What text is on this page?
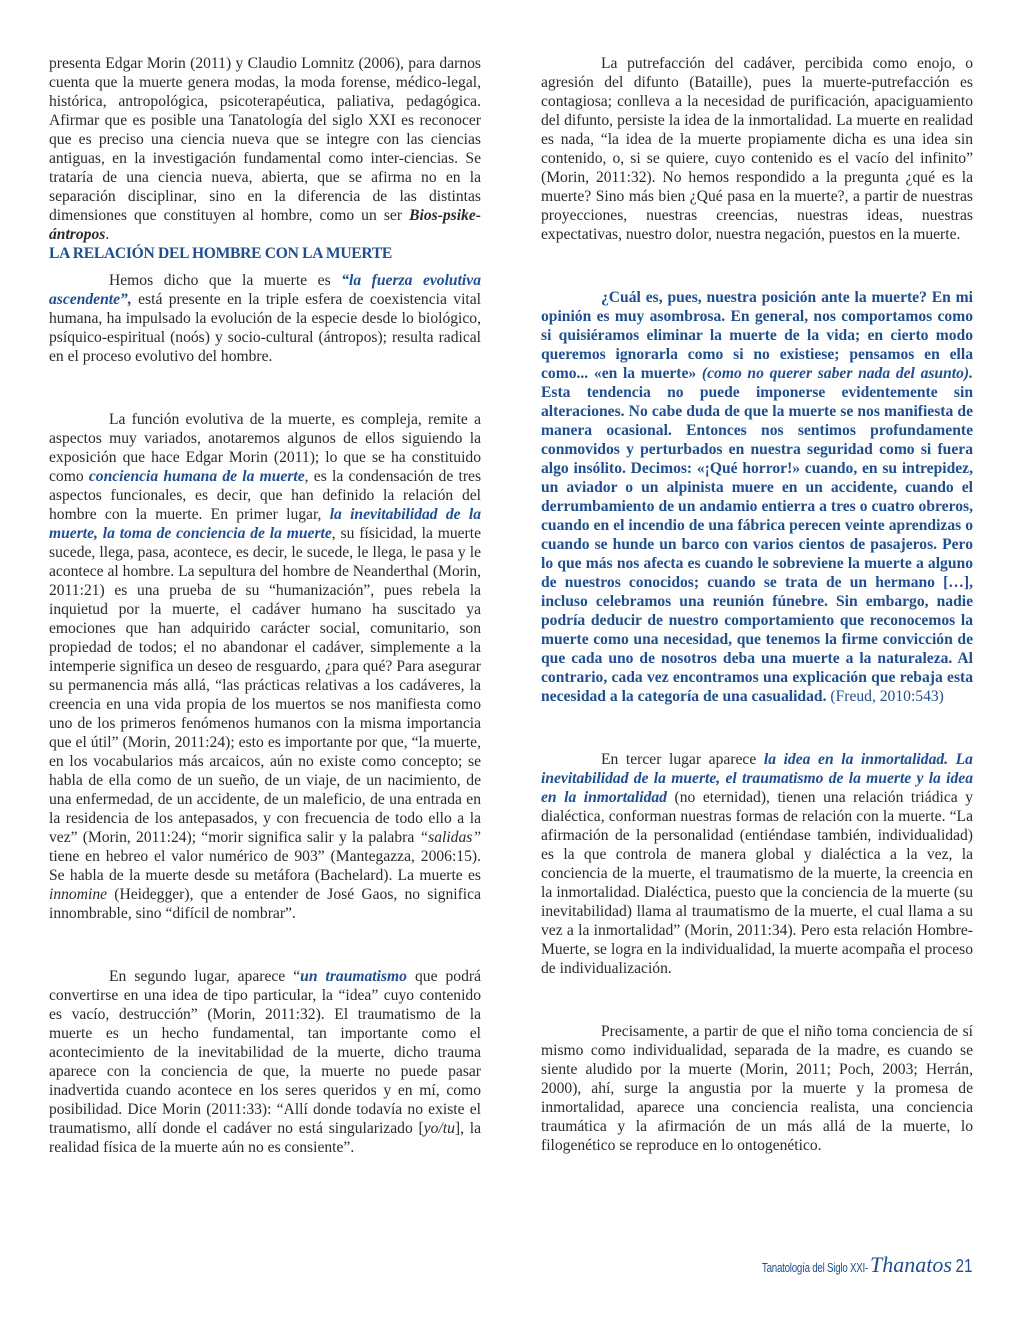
presenta Edgar Morin (2011) y Claudio Lomnitz (2006), para darnos cuenta que la muerte genera modas, la moda forense, médico-legal, histórica, antropológica, psicoterapéutica, paliativa, pedagógica. Afirmar que es posible una Tanatología del siglo XXI es reconocer que es preciso una ciencia nueva que se integre con las ciencias antiguas, en la investigación fundamental como inter-ciencias. Se trataría de una ciencia nueva, abierta, que se afirma no en la separación disciplinar, sino en la diferencia de las distintas dimensiones que constituyen al hombre, como un ser Bios-psike-ántropos.

LA RELACIÓN DEL HOMBRE CON LA MUERTE

Hemos dicho que la muerte es “la fuerza evolutiva ascendente”, está presente en la triple esfera de coexistencia vital humana, ha impulsado la evolución de la especie desde lo biológico, psíquico-espiritual (noós) y socio-cultural (ántropos); resulta radical en el proceso evolutivo del hombre.

La función evolutiva de la muerte, es compleja, remite a aspectos muy variados, anotaremos algunos de ellos siguiendo la exposición que hace Edgar Morin (2011); lo que se ha constituido como conciencia humana de la muerte, es la condensación de tres aspectos funcionales, es decir, que han definido la relación del hombre con la muerte. En primer lugar, la inevitabilidad de la muerte, la toma de conciencia de la muerte, su físicidad, la muerte sucede, llega, pasa, acontece, es decir, le sucede, le llega, le pasa y le acontece al hombre. La sepultura del hombre de Neanderthal (Morin, 2011:21) es una prueba de su “humanización”, pues rebela la inquietud por la muerte, el cadáver humano ha suscitado ya emociones que han adquirido carácter social, comunitario, son propiedad de todos; el no abandonar el cadáver, simplemente a la intemperie significa un deseo de resguardo, ¿para qué? Para asegurar su permanencia más allá, “las prácticas relativas a los cadáveres, la creencia en una vida propia de los muertos se nos manifiesta como uno de los primeros fenómenos humanos con la misma importancia que el útil” (Morin, 2011:24); esto es importante por que, “la muerte, en los vocabularios más arcaicos, aún no existe como concepto; se habla de ella como de un sueño, de un viaje, de un nacimiento, de una enfermedad, de un accidente, de un maleficio, de una entrada en la residencia de los antepasados, y con frecuencia de todo ello a la vez” (Morin, 2011:24); “morir significa salir y la palabra “salidas” tiene en hebreo el valor numérico de 903” (Mantegazza, 2006:15). Se habla de la muerte desde su metáfora (Bachelard). La muerte es innomine (Heidegger), que a entender de José Gaos, no significa innombrable, sino “difícil de nombrar”.

En segundo lugar, aparece “un traumatismo que podrá convertirse en una idea de tipo particular, la “idea” cuyo contenido es vacío, destrucción” (Morin, 2011:32). El traumatismo de la muerte es un hecho fundamental, tan importante como el acontecimiento de la inevitabilidad de la muerte, dicho trauma aparece con la conciencia de que, la muerte no puede pasar inadvertida cuando acontece en los seres queridos y en mí, como posibilidad. Dice Morin (2011:33): “Allí donde todavía no existe el traumatismo, allí donde el cadáver no está singularizado [yo/tu], la realidad física de la muerte aún no es consiente”.

La putrefacción del cadáver, percibida como enojo, o agresión del difunto (Bataille), pues la muerte-putrefacción es contagiosa; conlleva a la necesidad de purificación, apaciguamiento del difunto, persiste la idea de la inmortalidad. La muerte en realidad es nada, “la idea de la muerte propiamente dicha es una idea sin contenido, o, si se quiere, cuyo contenido es el vacío del infinito” (Morin, 2011:32). No hemos respondido a la pregunta ¿qué es la muerte? Sino más bien ¿Qué pasa en la muerte?, a partir de nuestras proyecciones, nuestras creencias, nuestras ideas, nuestras expectativas, nuestro dolor, nuestra negación, puestos en la muerte.

¿Cuál es, pues, nuestra posición ante la muerte? En mi opinión es muy asombrosa. En general, nos comportamos como si quisiéramos eliminar la muerte de la vida; en cierto modo queremos ignorarla como si no existiese; pensamos en ella como... «en la muerte» (como no querer saber nada del asunto). Esta tendencia no puede imponerse evidentemente sin alteraciones. No cabe duda de que la muerte se nos manifiesta de manera ocasional. Entonces nos sentimos profundamente conmovidos y perturbados en nuestra seguridad como si fuera algo insólito. Decimos: «¡Qué horror!» cuando, en su intrepidez, un aviador o un alpinista muere en un accidente, cuando el derrumbamiento de un andamio entierra a tres o cuatro obreros, cuando en el incendio de una fábrica perecen veinte aprendizas o cuando se hunde un barco con varios cientos de pasajeros. Pero lo que más nos afecta es cuando le sobreviene la muerte a alguno de nuestros conocidos; cuando se trata de un hermano […], incluso celebramos una reunión fúnebre. Sin embargo, nadie podría deducir de nuestro comportamiento que reconocemos la muerte como una necesidad, que tenemos la firme convicción de que cada uno de nosotros deba una muerte a la naturaleza. Al contrario, cada vez encontramos una explicación que rebaja esta necesidad a la categoría de una casualidad. (Freud, 2010:543)

En tercer lugar aparece la idea en la inmortalidad. La inevitabilidad de la muerte, el traumatismo de la muerte y la idea en la inmortalidad (no eternidad), tienen una relación triádica y dialéctica, conforman nuestras formas de relación con la muerte. “La afirmación de la personalidad (entiéndase también, individualidad) es la que controla de manera global y dialéctica a la vez, la conciencia de la muerte, el traumatismo de la muerte, la creencia en la inmortalidad. Dialéctica, puesto que la conciencia de la muerte (su inevitabilidad) llama al traumatismo de la muerte, el cual llama a su vez a la inmortalidad” (Morin, 2011:34). Pero esta relación Hombre-Muerte, se logra en la individualidad, la muerte acompaña el proceso de individualización.

Precisamente, a partir de que el niño toma conciencia de sí mismo como individualidad, separada de la madre, es cuando se siente aludido por la muerte (Morin, 2011; Poch, 2003; Herrán, 2000), ahí, surge la angustia por la muerte y la promesa de inmortalidad, aparece una conciencia realista, una conciencia traumática y la afirmación de un más allá de la muerte, lo filogenético se reproduce en lo ontogenético.

Tanatología del Siglo XXI- Thanatos 21
